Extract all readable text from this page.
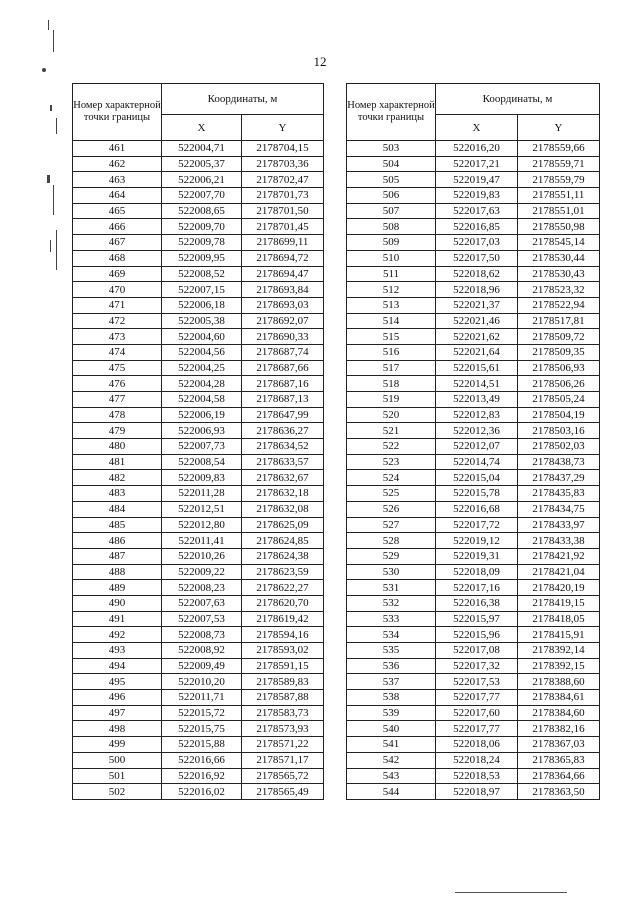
12
Номер характерной точки границы	Координаты, м	
	X	Y
461	522004,71	2178704,15
462	522005,37	2178703,36
463	522006,21	2178702,47
464	522007,70	2178701,73
465	522008,65	2178701,50
466	522009,70	2178701,45
467	522009,78	2178699,11
468	522009,95	2178694,72
469	522008,52	2178694,47
470	522007,15	2178693,84
471	522006,18	2178693,03
472	522005,38	2178692,07
473	522004,60	2178690,33
474	522004,56	2178687,74
475	522004,25	2178687,66
476	522004,28	2178687,16
477	522004,58	2178687,13
478	522006,19	2178647,99
479	522006,93	2178636,27
480	522007,73	2178634,52
481	522008,54	2178633,57
482	522009,83	2178632,67
483	522011,28	2178632,18
484	522012,51	2178632,08
485	522012,80	2178625,09
486	522011,41	2178624,85
487	522010,26	2178624,38
488	522009,22	2178623,59
489	522008,23	2178622,27
490	522007,63	2178620,70
491	522007,53	2178619,42
492	522008,73	2178594,16
493	522008,92	2178593,02
494	522009,49	2178591,15
495	522010,20	2178589,83
496	522011,71	2178587,88
497	522015,72	2178583,73
498	522015,75	2178573,93
499	522015,88	2178571,22
500	522016,66	2178571,17
501	522016,92	2178565,72
502	522016,02	2178565,49
Номер характерной точки границы	Координаты, м	
	X	Y
503	522016,20	2178559,66
504	522017,21	2178559,71
505	522019,47	2178559,79
506	522019,83	2178551,11
507	522017,63	2178551,01
508	522016,85	2178550,98
509	522017,03	2178545,14
510	522017,50	2178530,44
511	522018,62	2178530,43
512	522018,96	2178523,32
513	522021,37	2178522,94
514	522021,46	2178517,81
515	522021,62	2178509,72
516	522021,64	2178509,35
517	522015,61	2178506,93
518	522014,51	2178506,26
519	522013,49	2178505,24
520	522012,83	2178504,19
521	522012,36	2178503,16
522	522012,07	2178502,03
523	522014,74	2178438,73
524	522015,04	2178437,29
525	522015,78	2178435,83
526	522016,68	2178434,75
527	522017,72	2178433,97
528	522019,12	2178433,38
529	522019,31	2178421,92
530	522018,09	2178421,04
531	522017,16	2178420,19
532	522016,38	2178419,15
533	522015,97	2178418,05
534	522015,96	2178415,91
535	522017,08	2178392,14
536	522017,32	2178392,15
537	522017,53	2178388,60
538	522017,77	2178384,61
539	522017,60	2178384,60
540	522017,77	2178382,16
541	522018,06	2178367,03
542	522018,24	2178365,83
543	522018,53	2178364,66
544	522018,97	2178363,50
